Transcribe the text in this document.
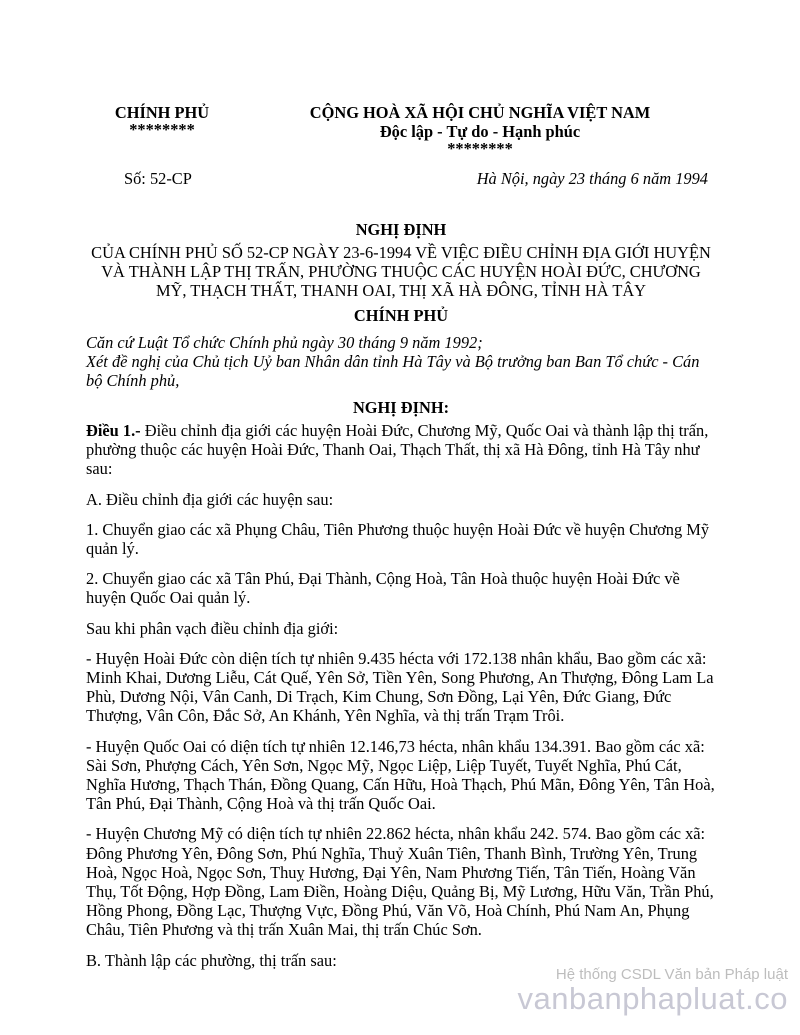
CHÍNH PHỦ
********
CỘNG HOÀ XÃ HỘI CHỦ NGHĨA VIỆT NAM
Độc lập - Tự do - Hạnh phúc
********
Số: 52-CP	Hà Nội, ngày 23 tháng 6 năm 1994
NGHỊ ĐỊNH
CỦA CHÍNH PHỦ SỐ 52-CP NGÀY 23-6-1994 VỀ VIỆC ĐIỀU CHỈNH ĐỊA GIỚI HUYỆN VÀ THÀNH LẬP THỊ TRẤN, PHƯỜNG THUỘC CÁC HUYỆN HOÀI ĐỨC, CHƯƠNG MỸ, THẠCH THẤT, THANH OAI, THỊ XÃ HÀ ĐÔNG, TỈNH HÀ TÂY
CHÍNH PHỦ
Căn cứ Luật Tổ chức Chính phủ ngày 30 tháng 9 năm 1992;
Xét đề nghị của Chủ tịch Uỷ ban Nhân dân tỉnh Hà Tây và Bộ trưởng ban Ban Tổ chức - Cán bộ Chính phủ,
NGHỊ ĐỊNH:

Điều 1.- Điều chỉnh địa giới các huyện Hoài Đức, Chương Mỹ, Quốc Oai và thành lập thị trấn, phường thuộc các huyện Hoài Đức, Thanh Oai, Thạch Thất, thị xã Hà Đông, tỉnh Hà Tây như sau:

A. Điều chỉnh địa giới các huyện sau:

1. Chuyển giao các xã Phụng Châu, Tiên Phương thuộc huyện Hoài Đức về huyện Chương Mỹ quản lý.

2. Chuyển giao các xã Tân Phú, Đại Thành, Cộng Hoà, Tân Hoà thuộc huyện Hoài Đức về huyện Quốc Oai quản lý.

Sau khi phân vạch điều chỉnh địa giới:

- Huyện Hoài Đức còn diện tích tự nhiên 9.435 hécta với 172.138 nhân khẩu, Bao gồm các xã: Minh Khai, Dương Liễu, Cát Quế, Yên Sở, Tiền Yên, Song Phương, An Thượng, Đông Lam La Phù, Dương Nội, Vân Canh, Di Trạch, Kim Chung, Sơn Đồng, Lại Yên, Đức Giang, Đức Thượng, Vân Côn, Đắc Sở, An Khánh, Yên Nghĩa, và thị trấn Trạm Trôi.

- Huyện Quốc Oai có diện tích tự nhiên 12.146,73 hécta, nhân khẩu 134.391. Bao gồm các xã: Sài Sơn, Phượng Cách, Yên Sơn, Ngọc Mỹ, Ngọc Liệp, Liệp Tuyết, Tuyết Nghĩa, Phú Cát, Nghĩa Hương, Thạch Thán, Đồng Quang, Cấn Hữu, Hoà Thạch, Phú Mãn, Đông Yên, Tân Hoà, Tân Phú, Đại Thành, Cộng Hoà và thị trấn Quốc Oai.

- Huyện Chương Mỹ có diện tích tự nhiên 22.862 hécta, nhân khẩu 242. 574. Bao gồm các xã: Đông Phương Yên, Đông Sơn, Phú Nghĩa, Thuỷ Xuân Tiên, Thanh Bình, Trường Yên, Trung Hoà, Ngọc Hoà, Ngọc Sơn, Thuỵ Hương, Đại Yên, Nam Phương Tiến, Tân Tiến, Hoàng Văn Thụ, Tốt Động, Hợp Đồng, Lam Điền, Hoàng Diệu, Quảng Bị, Mỹ Lương, Hữu Văn, Trần Phú, Hồng Phong, Đồng Lạc, Thượng Vực, Đồng Phú, Văn Võ, Hoà Chính, Phú Nam An, Phụng Châu, Tiên Phương và thị trấn Xuân Mai, thị trấn Chúc Sơn.

B. Thành lập các phường, thị trấn sau:

Hệ thống CSDL Văn bản Pháp luật
vanbanphapluat.co
